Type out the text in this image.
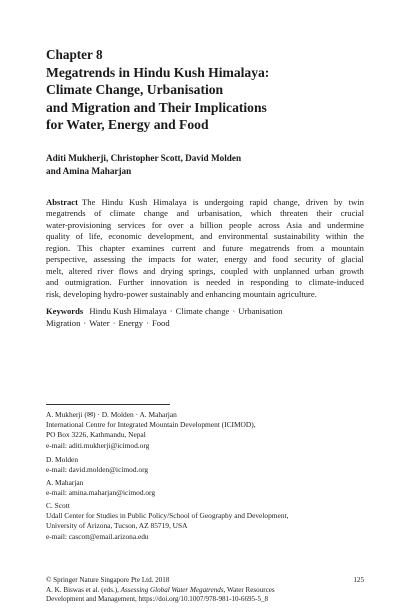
Chapter 8
Megatrends in Hindu Kush Himalaya:
Climate Change, Urbanisation
and Migration and Their Implications
for Water, Energy and Food
Aditi Mukherji, Christopher Scott, David Molden
and Amina Maharjan
Abstract The Hindu Kush Himalaya is undergoing rapid change, driven by twin
megatrends of climate change and urbanisation, which threaten their crucial
water-provisioning services for over a billion people across Asia and undermine
quality of life, economic development, and environmental sustainability within the
region. This chapter examines current and future megatrends from a mountain
perspective, assessing the impacts for water, energy and food security of glacial
melt, altered river flows and drying springs, coupled with unplanned urban growth
and outmigration. Further innovation is needed in responding to climate-induced
risk, developing hydro-power sustainably and enhancing mountain agriculture.
Keywords Hindu Kush Himalaya · Climate change · Urbanisation
Migration · Water · Energy · Food
A. Mukherji (✉) · D. Molden · A. Maharjan
International Centre for Integrated Mountain Development (ICIMOD),
PO Box 3226, Kathmandu, Nepal
e-mail: aditi.mukherji@icimod.org
D. Molden
e-mail: david.molden@icimod.org
A. Maharjan
e-mail: amina.maharjan@icimod.org
C. Scott
Udall Center for Studies in Public Policy/School of Geography and Development,
University of Arizona, Tucson, AZ 85719, USA
e-mail: cascott@email.arizona.edu
© Springer Nature Singapore Pte Ltd. 2018	125
A. K. Biswas et al. (eds.), Assessing Global Water Megatrends, Water Resources
Development and Management, https://doi.org/10.1007/978-981-10-6695-5_8
